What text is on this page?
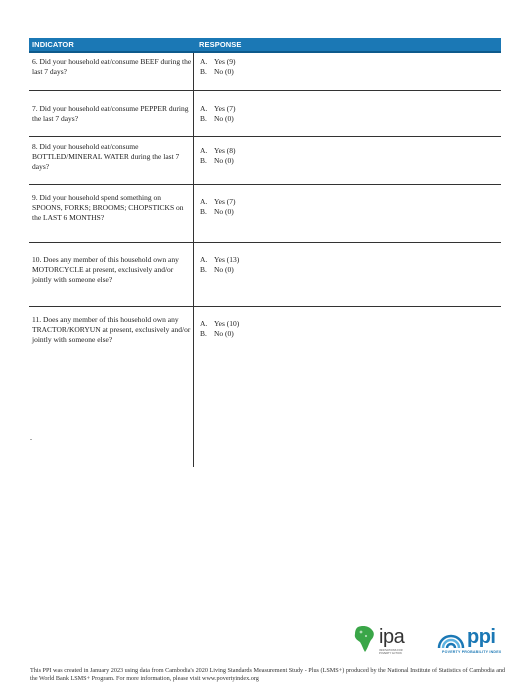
INDICATOR	RESPONSE
6. Did your household eat/consume BEEF during the last 7 days?
A. Yes (9)
B. No (0)
7. Did your household eat/consume PEPPER during the last 7 days?
A. Yes (7)
B. No (0)
8. Did your household eat/consume BOTTLED/MINERAL WATER during the last 7 days?
A. Yes (8)
B. No (0)
9. Did your household spend something on SPOONS, FORKS; BROOMS; CHOPSTICKS on the LAST 6 MONTHS?
A. Yes (7)
B. No (0)
10. Does any member of this household own any MOTORCYCLE at present, exclusively and/or jointly with someone else?
A. Yes (13)
B. No (0)
11. Does any member of this household own any TRACTOR/KORYUN at present, exclusively and/or jointly with someone else?
A. Yes (10)
B. No (0)
.
ipa
INNOVATIONS FOR POVERTY ACTION
ppi
POVERTY PROBABILITY INDEX
This PPI was created in January 2023 using data from Cambodia's 2020 Living Standards Measurement Study - Plus (LSMS+) produced by the National Institute of Statistics of Cambodia and the World Bank LSMS+ Program. For more information, please visit www.povertyindex.org
